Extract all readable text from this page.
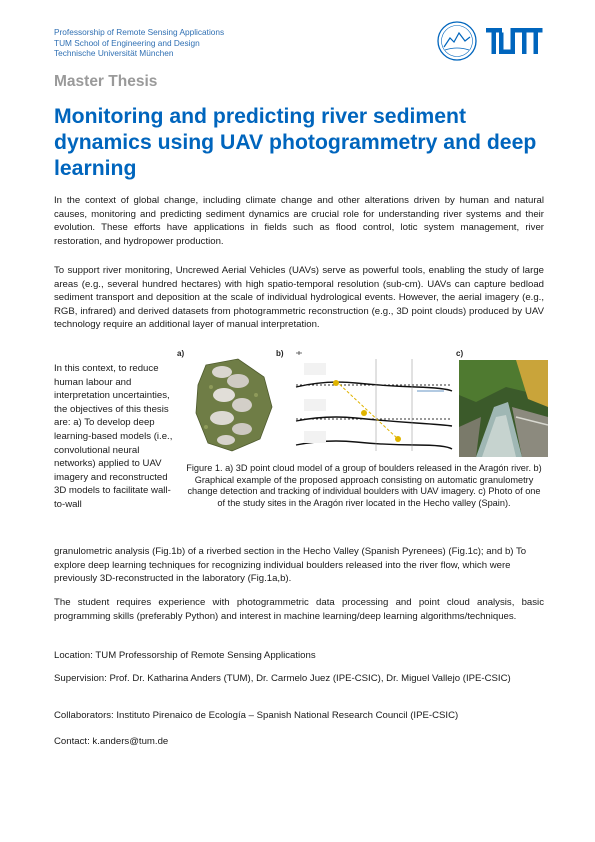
Professorship of Remote Sensing Applications
TUM School of Engineering and Design
Technische Universität München
Master Thesis
Monitoring and predicting river sediment dynamics using UAV photogrammetry and deep learning
In the context of global change, including climate change and other alterations driven by human and natural causes, monitoring and predicting sediment dynamics are crucial role for understanding river systems and their evolution. These efforts have applications in fields such as flood control, lotic system management, river restoration, and hydropower production.
To support river monitoring, Uncrewed Aerial Vehicles (UAVs) serve as powerful tools, enabling the study of large areas (e.g., several hundred hectares) with high spatio-temporal resolution (sub-cm). UAVs can capture bedload sediment transport and deposition at the scale of individual hydrological events. However, the aerial imagery (e.g., RGB, infrared) and derived datasets from photogrammetric reconstruction (e.g., 3D point clouds) produced by UAV technology require an additional layer of manual interpretation.
In this context, to reduce human labour and interpretation uncertainties, the objectives of this thesis are: a) To develop deep learning-based models (i.e., convolutional neural networks) applied to UAV imagery and reconstructed 3D models to facilitate wall-to-wall
a)	b)	c)
Figure 1. a) 3D point cloud model of a group of boulders released in the Aragón river. b) Graphical example of the proposed approach consisting on automatic granulometry change detection and tracking of individual boulders with UAV imagery. c) Photo of one of the study sites in the Aragón river located in the Hecho valley (Spain).
granulometric analysis (Fig.1b) of a riverbed section in the Hecho Valley (Spanish Pyrenees) (Fig.1c); and b) To explore deep learning techniques for recognizing individual boulders released into the river flow, which were previously 3D-reconstructed in the laboratory (Fig.1a,b).
The student requires experience with photogrammetric data processing and point cloud analysis, basic programming skills (preferably Python) and interest in machine learning/deep learning algorithms/techniques.
Location: TUM Professorship of Remote Sensing Applications
Supervision: Prof. Dr. Katharina Anders (TUM), Dr. Carmelo Juez (IPE-CSIC), Dr. Miguel Vallejo (IPE-CSIC)
Collaborators: Instituto Pirenaico de Ecología – Spanish National Research Council (IPE-CSIC)
Contact: k.anders@tum.de
